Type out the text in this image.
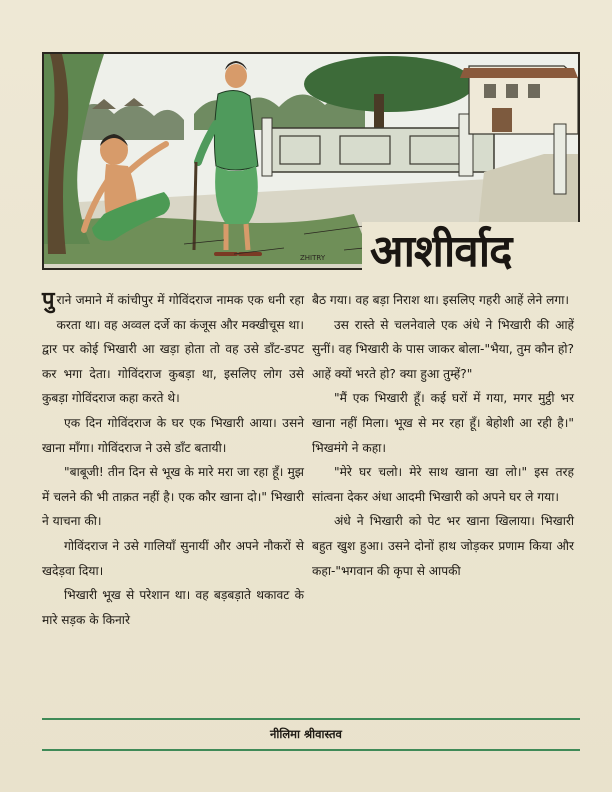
ZHITRY आशीर्वाद

पुराने जमाने में कांचीपुर में गोविंदराज नामक एक धनी रहा करता था। वह अव्वल दर्जे का कंजूस और मक्खीचूस था। द्वार पर कोई भिखारी आ खड़ा होता तो वह उसे डाँट-डपट कर भगा देता। गोविंदराज कुबड़ा था, इसलिए लोग उसे कुबड़ा गोविंदराज कहा करते थे।

एक दिन गोविंदराज के घर एक भिखारी आया। उसने खाना माँगा। गोविंदराज ने उसे डाँट बतायी।

"बाबूजी! तीन दिन से भूख के मारे मरा जा रहा हूँ। मुझ में चलने की भी ताक़त नहीं है। एक कौर खाना दो।" भिखारी ने याचना की।

गोविंदराज ने उसे गालियाँ सुनायीं और अपने नौकरों से खदेड़वा दिया।

भिखारी भूख से परेशान था। वह बड़बड़ाते थकावट के मारे सड़क के किनारे

बैठ गया। वह बड़ा निराश था। इसलिए गहरी आहें लेने लगा।

उस रास्ते से चलनेवाले एक अंधे ने भिखारी की आहें सुनीं। वह भिखारी के पास जाकर बोला-"भैया, तुम कौन हो? आहें क्यों भरते हो? क्या हुआ तुम्हें?"

"मैं एक भिखारी हूँ। कई घरों में गया, मगर मुट्ठी भर खाना नहीं मिला। भूख से मर रहा हूँ। बेहोशी आ रही है।" भिखमंगे ने कहा।

"मेरे घर चलो। मेरे साथ खाना खा लो।" इस तरह सांत्वना देकर अंधा आदमी भिखारी को अपने घर ले गया।

अंधे ने भिखारी को पेट भर खाना खिलाया। भिखारी बहुत खुश हुआ। उसने दोनों हाथ जोड़कर प्रणाम किया और कहा-"भगवान की कृपा से आपकी

नीलिमा श्रीवास्तव
